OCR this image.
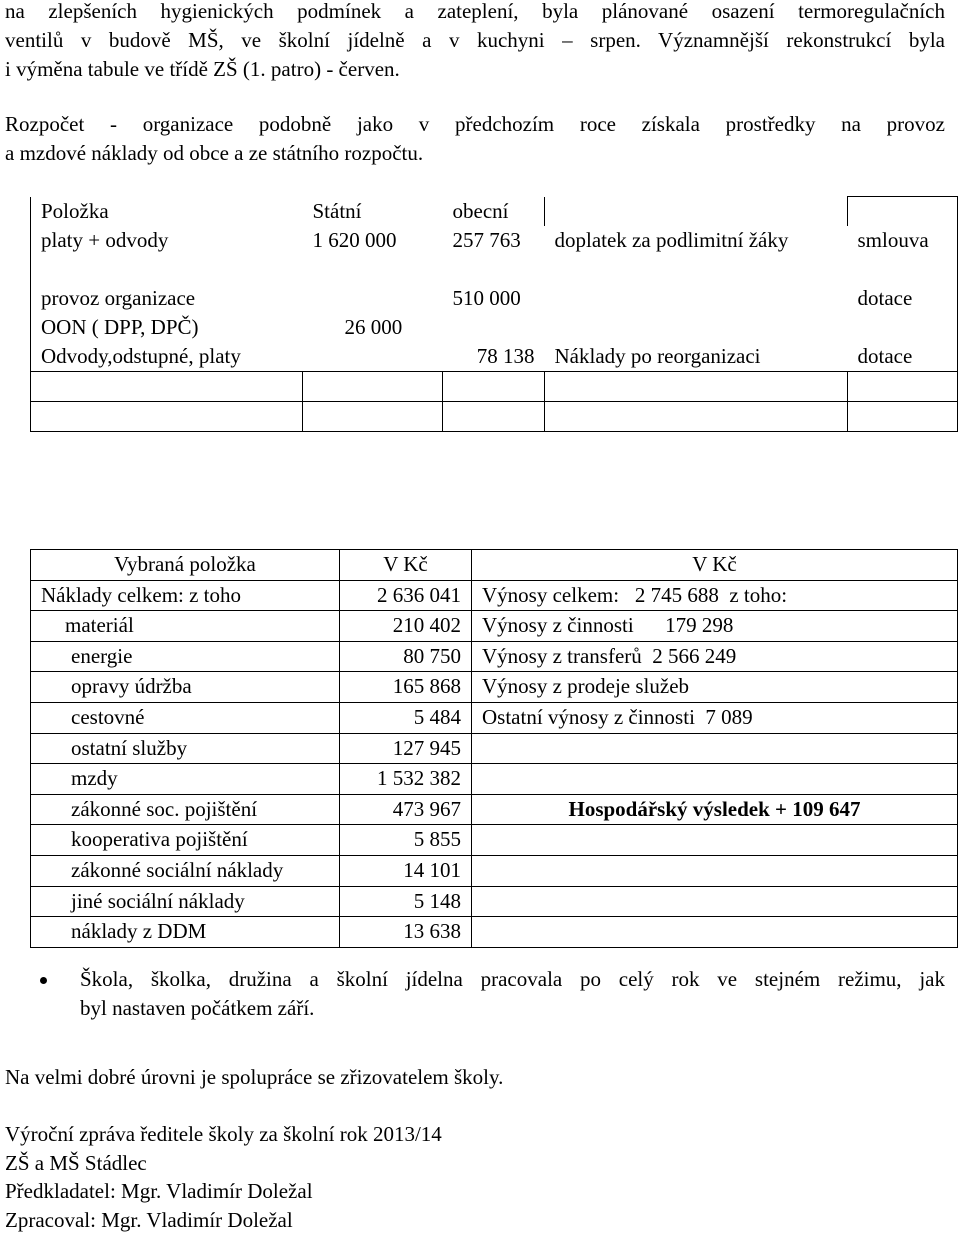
na zlepšeních hygienických podmínek a zateplení, byla plánované osazení termoregulačních
ventilů v budově MŠ, ve školní jídelně a v kuchyni – srpen. Významnější rekonstrukcí byla
i výměna tabule ve třídě ZŠ (1. patro) - červen.
Rozpočet - organizace podobně jako v předchozím roce získala prostředky na provoz
a mzdové náklady od obce a ze státního rozpočtu.
Položka	Státní	obecní		
platy + odvody	1 620 000	257 763	doplatek za podlimitní žáky	smlouva
provoz organizace		510 000		dotace
OON ( DPP, DPČ)	26 000			
Odvody,odstupné, platy		78 138	Náklady po reorganizaci	dotace

Vybraná položka	V Kč	V Kč
Náklady celkem: z toho	2 636 041	Výnosy celkem: 2 745 688 z toho:
materiál	210 402	Výnosy z činnosti 179 298
energie	80 750	Výnosy z transferů 2 566 249
opravy údržba	165 868	Výnosy z prodeje služeb
cestovné	5 484	Ostatní výnosy z činnosti 7 089
ostatní služby	127 945	
mzdy	1 532 382	
zákonné soc. pojištění	473 967	Hospodářský výsledek + 109 647
kooperativa pojištění	5 855	
zákonné sociální náklady	14 101	
jiné sociální náklady	5 148	
náklady z DDM	13 638	
Škola, školka, družina a školní jídelna pracovala po celý rok ve stejném režimu, jak
byl nastaven počátkem září.
Na velmi dobré úrovni je spolupráce se zřizovatelem školy.
Výroční zpráva ředitele školy za školní rok 2013/14
ZŠ a MŠ Stádlec
Předkladatel: Mgr. Vladimír Doležal
Zpracoval: Mgr. Vladimír Doležal
